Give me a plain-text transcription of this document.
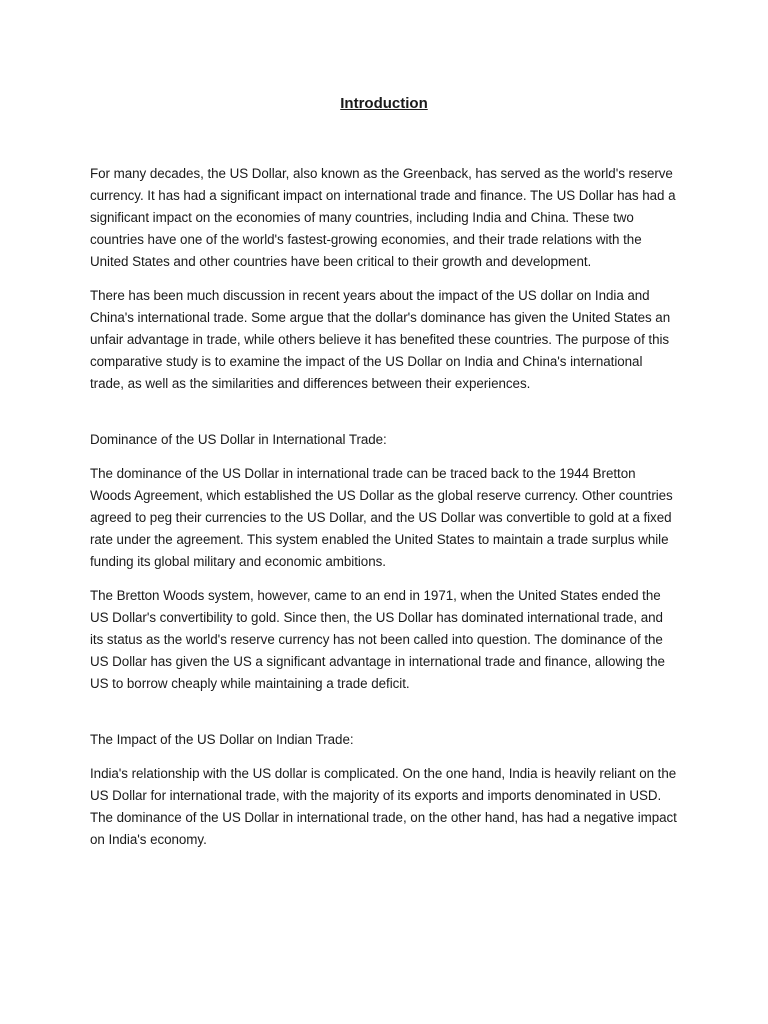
Introduction

For many decades, the US Dollar, also known as the Greenback, has served as the world's reserve currency. It has had a significant impact on international trade and finance. The US Dollar has had a significant impact on the economies of many countries, including India and China. These two countries have one of the world's fastest-growing economies, and their trade relations with the United States and other countries have been critical to their growth and development.

There has been much discussion in recent years about the impact of the US dollar on India and China's international trade. Some argue that the dollar's dominance has given the United States an unfair advantage in trade, while others believe it has benefited these countries. The purpose of this comparative study is to examine the impact of the US Dollar on India and China's international trade, as well as the similarities and differences between their experiences.

Dominance of the US Dollar in International Trade:

The dominance of the US Dollar in international trade can be traced back to the 1944 Bretton Woods Agreement, which established the US Dollar as the global reserve currency. Other countries agreed to peg their currencies to the US Dollar, and the US Dollar was convertible to gold at a fixed rate under the agreement. This system enabled the United States to maintain a trade surplus while funding its global military and economic ambitions.

The Bretton Woods system, however, came to an end in 1971, when the United States ended the US Dollar's convertibility to gold. Since then, the US Dollar has dominated international trade, and its status as the world's reserve currency has not been called into question. The dominance of the US Dollar has given the US a significant advantage in international trade and finance, allowing the US to borrow cheaply while maintaining a trade deficit.

The Impact of the US Dollar on Indian Trade:

India's relationship with the US dollar is complicated. On the one hand, India is heavily reliant on the US Dollar for international trade, with the majority of its exports and imports denominated in USD. The dominance of the US Dollar in international trade, on the other hand, has had a negative impact on India's economy.
